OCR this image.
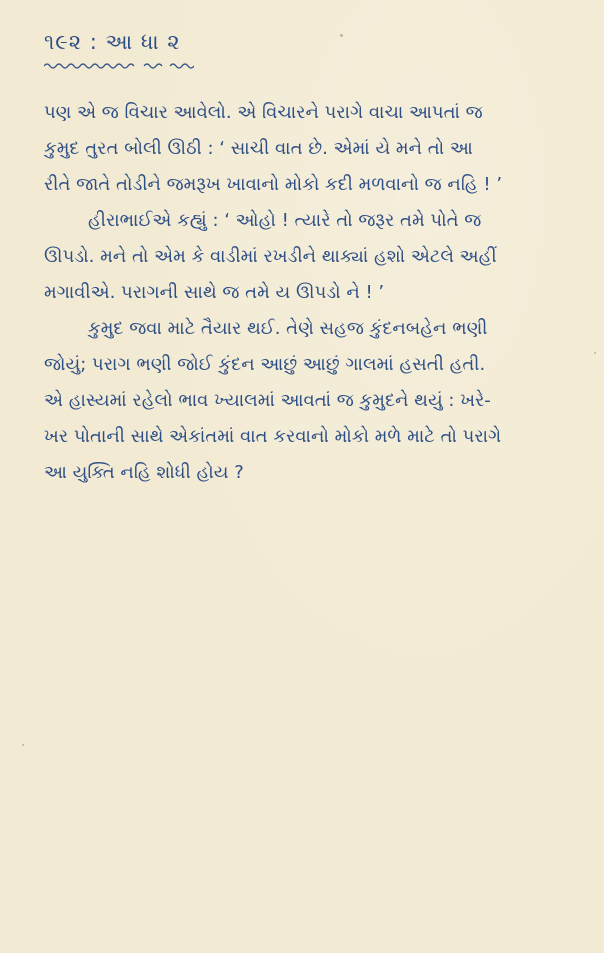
૧૯૨ : આ ધા ૨
પણ એ જ વિચાર આવેલો. એ વિચારને પરાગે વાચા આપતાં જ
કુમુદ તુરત બોલી ઊઠી : ‘ સાચી વાત છે. એમાં યે મને તો આ
રીતે જાતે તોડીને જમરૂખ ખાવાનો મોકો કદી મળવાનો જ નહિ ! ’
હીરાભાઈએ કહ્યું : ‘ ઓહો ! ત્યારે તો જરૂર તમે પોતે જ
ઊપડો. મને તો એમ કે વાડીમાં રખડીને થાક્યાં હશો એટલે અહીં
મગાવીએ. પરાગની સાથે જ તમે ય ઊપડો ને ! ’
કુમુદ જવા માટે તૈયાર થઈ. તેણે સહજ કુંદનબહેન ભણી
જોયું; પરાગ ભણી જોઈ કુંદન આછું આછું ગાલમાં હસતી હતી.
એ હાસ્યમાં રહેલો ભાવ ખ્યાલમાં આવતાં જ કુમુદને થયું : ખરે-
ખર પોતાની સાથે એકાંતમાં વાત કરવાનો મોકો મળે માટે તો પરાગે
આ યુક્તિ નહિ શોધી હોય ?
